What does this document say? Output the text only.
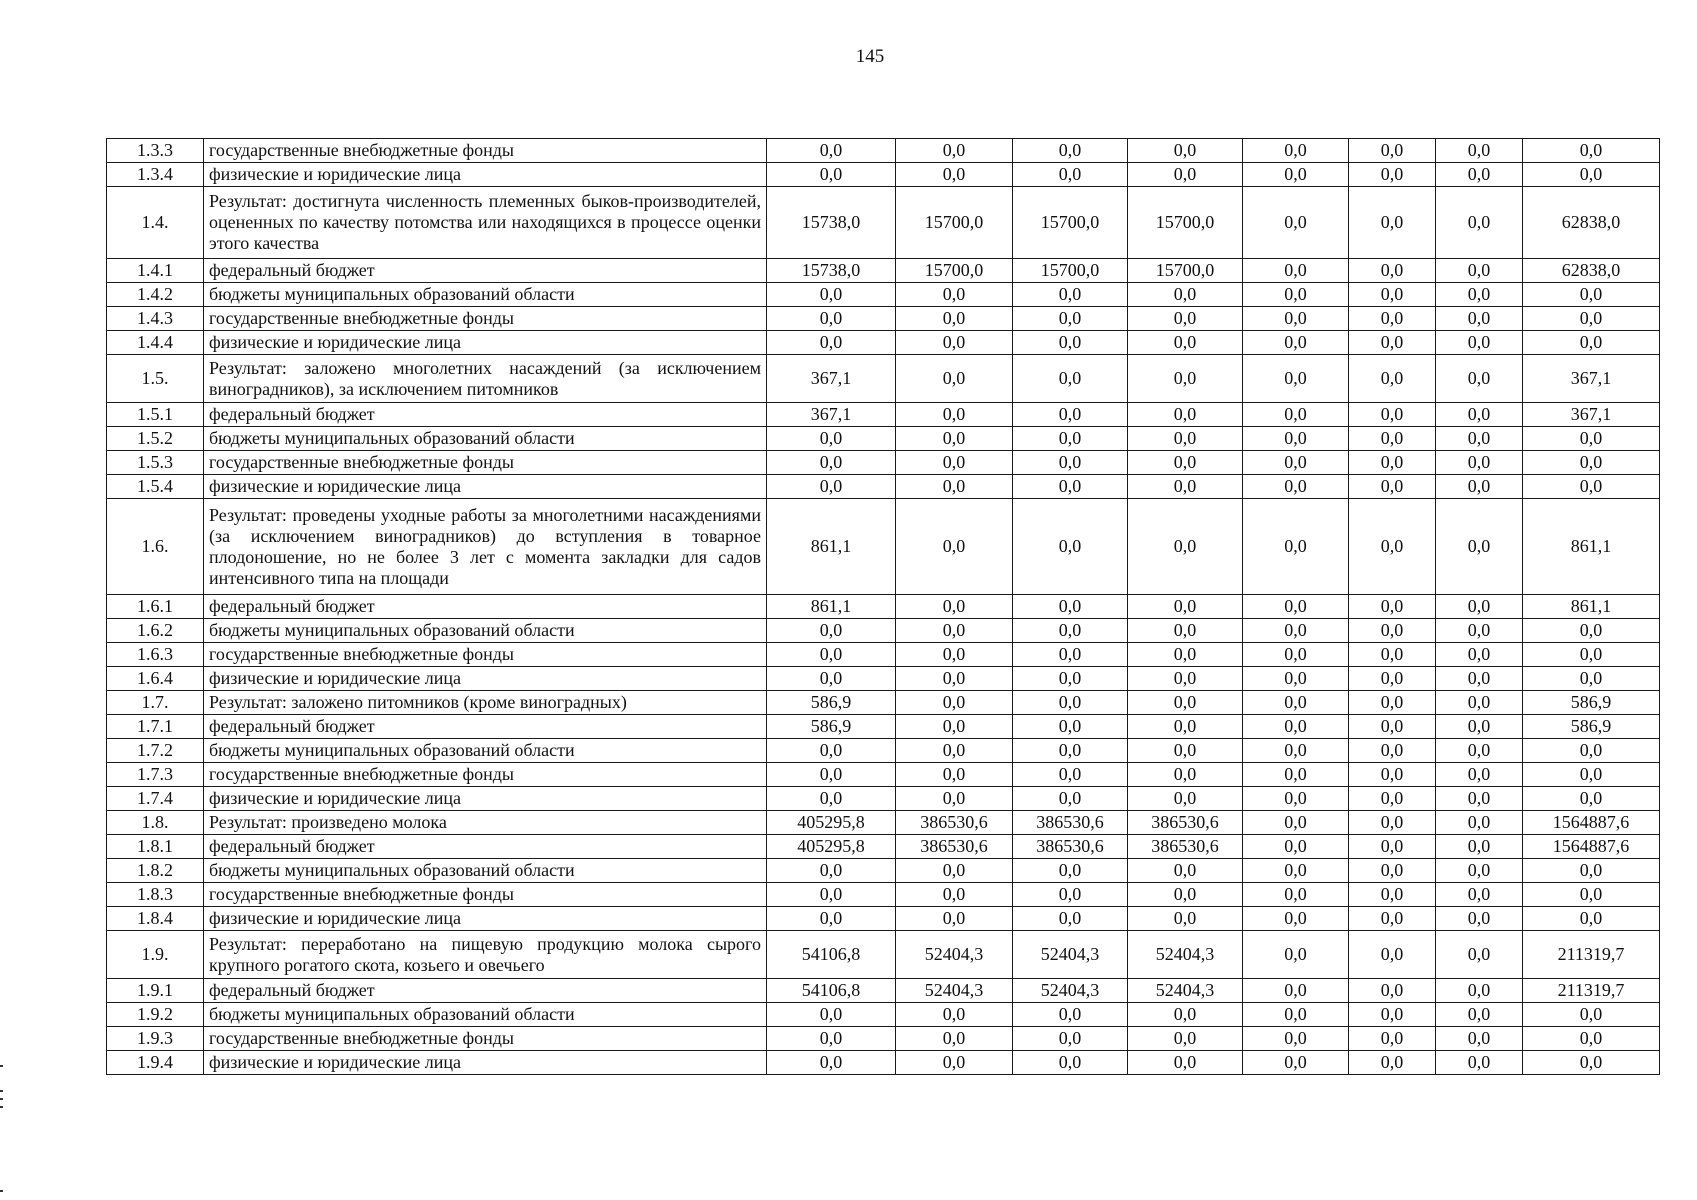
145
1.3.3	государственные внебюджетные фонды	0,0	0,0	0,0	0,0	0,0	0,0	0,0	0,0
1.3.4	физические и юридические лица	0,0	0,0	0,0	0,0	0,0	0,0	0,0	0,0
1.4.	Результат: достигнута численность племенных быков-производителей, оцененных по качеству потомства или находящихся в процессе оценки этого качества	15738,0	15700,0	15700,0	15700,0	0,0	0,0	0,0	62838,0
1.4.1	федеральный бюджет	15738,0	15700,0	15700,0	15700,0	0,0	0,0	0,0	62838,0
1.4.2	бюджеты муниципальных образований области	0,0	0,0	0,0	0,0	0,0	0,0	0,0	0,0
1.4.3	государственные внебюджетные фонды	0,0	0,0	0,0	0,0	0,0	0,0	0,0	0,0
1.4.4	физические и юридические лица	0,0	0,0	0,0	0,0	0,0	0,0	0,0	0,0
1.5.	Результат: заложено многолетних насаждений (за исключением виноградников), за исключением питомников	367,1	0,0	0,0	0,0	0,0	0,0	0,0	367,1
1.5.1	федеральный бюджет	367,1	0,0	0,0	0,0	0,0	0,0	0,0	367,1
1.5.2	бюджеты муниципальных образований области	0,0	0,0	0,0	0,0	0,0	0,0	0,0	0,0
1.5.3	государственные внебюджетные фонды	0,0	0,0	0,0	0,0	0,0	0,0	0,0	0,0
1.5.4	физические и юридические лица	0,0	0,0	0,0	0,0	0,0	0,0	0,0	0,0
1.6.	Результат: проведены уходные работы за многолетними насаждениями (за исключением виноградников) до вступления в товарное плодоношение, но не более 3 лет с момента закладки для садов интенсивного типа на площади	861,1	0,0	0,0	0,0	0,0	0,0	0,0	861,1
1.6.1	федеральный бюджет	861,1	0,0	0,0	0,0	0,0	0,0	0,0	861,1
1.6.2	бюджеты муниципальных образований области	0,0	0,0	0,0	0,0	0,0	0,0	0,0	0,0
1.6.3	государственные внебюджетные фонды	0,0	0,0	0,0	0,0	0,0	0,0	0,0	0,0
1.6.4	физические и юридические лица	0,0	0,0	0,0	0,0	0,0	0,0	0,0	0,0
1.7.	Результат: заложено питомников (кроме виноградных)	586,9	0,0	0,0	0,0	0,0	0,0	0,0	586,9
1.7.1	федеральный бюджет	586,9	0,0	0,0	0,0	0,0	0,0	0,0	586,9
1.7.2	бюджеты муниципальных образований области	0,0	0,0	0,0	0,0	0,0	0,0	0,0	0,0
1.7.3	государственные внебюджетные фонды	0,0	0,0	0,0	0,0	0,0	0,0	0,0	0,0
1.7.4	физические и юридические лица	0,0	0,0	0,0	0,0	0,0	0,0	0,0	0,0
1.8.	Результат: произведено молока	405295,8	386530,6	386530,6	386530,6	0,0	0,0	0,0	1564887,6
1.8.1	федеральный бюджет	405295,8	386530,6	386530,6	386530,6	0,0	0,0	0,0	1564887,6
1.8.2	бюджеты муниципальных образований области	0,0	0,0	0,0	0,0	0,0	0,0	0,0	0,0
1.8.3	государственные внебюджетные фонды	0,0	0,0	0,0	0,0	0,0	0,0	0,0	0,0
1.8.4	физические и юридические лица	0,0	0,0	0,0	0,0	0,0	0,0	0,0	0,0
1.9.	Результат: переработано на пищевую продукцию молока сырого крупного рогатого скота, козьего и овечьего	54106,8	52404,3	52404,3	52404,3	0,0	0,0	0,0	211319,7
1.9.1	федеральный бюджет	54106,8	52404,3	52404,3	52404,3	0,0	0,0	0,0	211319,7
1.9.2	бюджеты муниципальных образований области	0,0	0,0	0,0	0,0	0,0	0,0	0,0	0,0
1.9.3	государственные внебюджетные фонды	0,0	0,0	0,0	0,0	0,0	0,0	0,0	0,0
1.9.4	физические и юридические лица	0,0	0,0	0,0	0,0	0,0	0,0	0,0	0,0
